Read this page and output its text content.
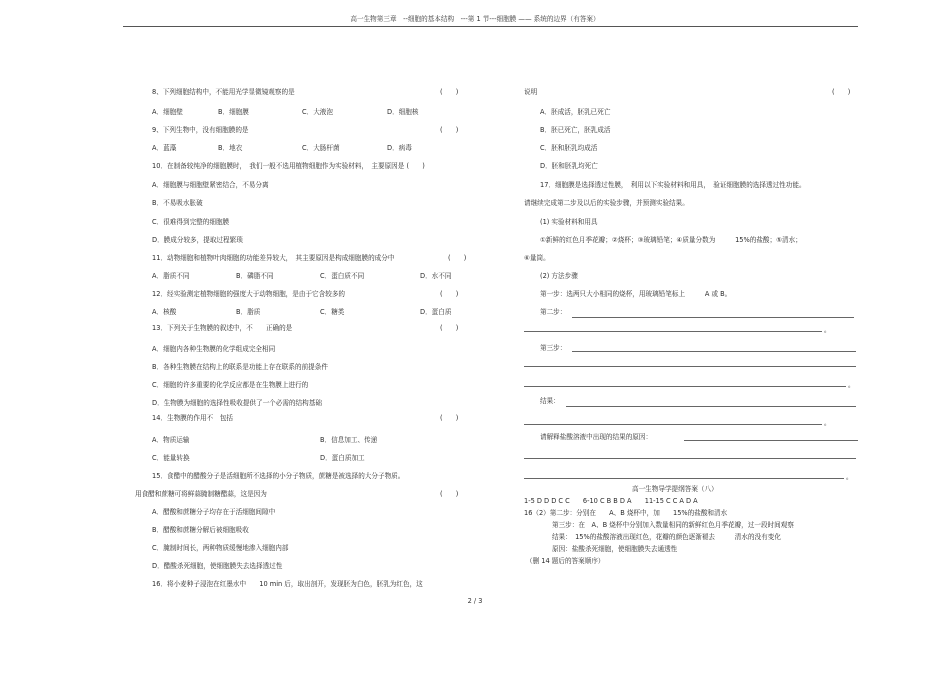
高一生物第三章　--细胞的基本结构　---第 1 节---细胞膜 —— 系统的边界（有答案）
8、下列细胞结构中，不能用光学显微镜观察的是	(　　)
A．细胞壁	B．细胞膜	C．大液泡	D．细胞核
9、下列生物中，没有细胞膜的是	(　　)
A．蓝藻	B．地衣	C．大肠杆菌	D．病毒
10．在制备较纯净的细胞膜时，　我们一般不选用植物细胞作为实验材料，　主要原因是 (　　)
A．细胞膜与细胞壁紧密结合，不易分离
B．不易吸水胀破
C．很难得到完整的细胞膜
D．膜成分较多，提取过程繁琐
11．动物细胞和植物叶肉细胞的功能差异较大，　其主要原因是构成细胞膜的成分中	(　　)
A．脂质不同	B．磷脂不同	C．蛋白质不同	D．水不同
12．经实验测定植物细胞的强度大于动物细胞，是由于它含较多的	(　　)
A．核酸	B．脂质	C．糖类	D．蛋白质
13．下列关于生物膜的叙述中，不　　正确的是	(　　)
A．细胞内各种生物膜的化学组成完全相同
B．各种生物膜在结构上的联系是功能上存在联系的前提条件
C．细胞的许多重要的化学反应都是在生物膜上进行的
D．生物膜为细胞的选择性吸收提供了一个必需的结构基础
14．生物膜的作用不　包括	(　　)
A．物质运输	B．信息加工、传递
C．能量转换	D．蛋白质加工
15．食醋中的醋酸分子是活细胞所不选择的小分子物质，蔗糖是被选择的大分子物质。
用食醋和蔗糖可将鲜蒜腌制糖醋蒜，这是因为	(　　)
A．醋酸和蔗糖分子均存在于活细胞间隙中
B．醋酸和蔗糖分解后被细胞吸收
C．腌制时间长，两种物质缓慢地渗入细胞内部
D．醋酸杀死细胞，使细胞膜失去选择透过性
16．将小麦种子浸泡在红墨水中　　10 min 后，取出剖开，发现胚为白色，胚乳为红色，这
说明	(　　)
A．胚成活，胚乳已死亡
B．胚已死亡，胚乳成活
C．胚和胚乳均成活
D．胚和胚乳均死亡
17．细胞膜是选择透过性膜，　利用以下实验材料和用具，　验证细胞膜的选择透过性功能。
请继续完成第二步及以后的实验步骤，并预测实验结果。
(1) 实验材料和用具
①新鲜的红色月季花瓣；②烧杯；③玻璃铅笔；④质量分数为　　　15%的盐酸；⑤清水；
⑥量筒。
(2) 方法步骤
第一步：选两只大小相同的烧杯，用玻璃铅笔标上　　　A 或 B。
第二步：
。
第三步：
。
结果：
。
请解释盐酸溶液中出现的结果的原因：
。
高一生物导学提纲答案（八）
1-5 D D D C C　　6-10 C B B D A　　11-15 C C A D A
16（2）第二步：分别在　　A、B 烧杯中，加　　15%的盐酸和清水
第三步：在　A、B 烧杯中分别加入数量相同的新鲜红色月季花瓣，过一段时间观察
结果：　15%的盐酸溶液出现红色，花瓣的颜色逐渐褪去　　　清水的没有变化
原因：盐酸杀死细胞，使细胞膜失去通透性
（删 14 题后的答案顺序）
2 / 3
